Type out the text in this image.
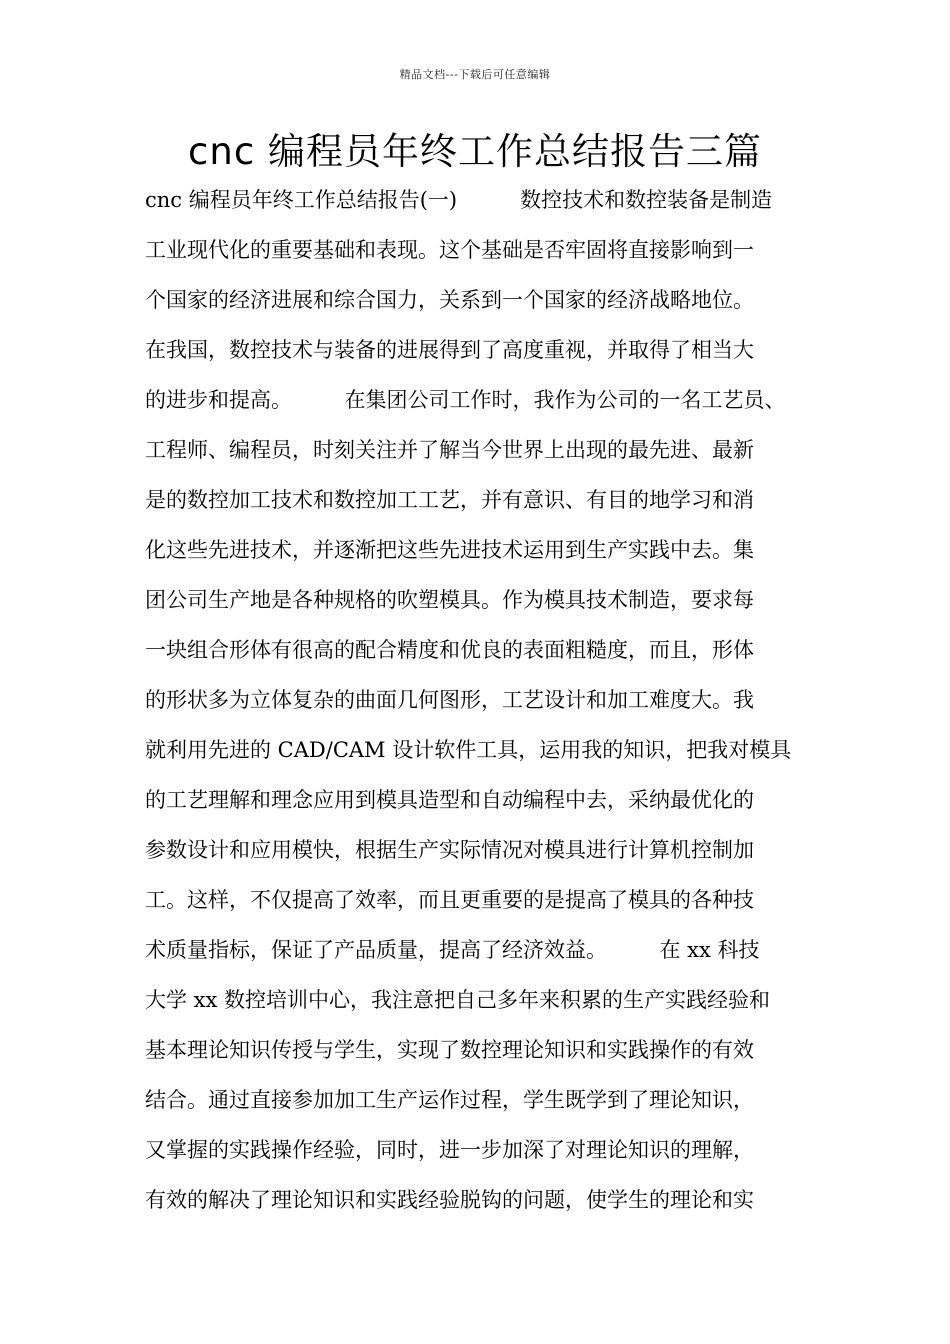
精品文档---下载后可任意编辑
cnc 编程员年终工作总结报告三篇
cnc 编程员年终工作总结报告(一)　　　数控技术和数控装备是制造
工业现代化的重要基础和表现。这个基础是否牢固将直接影响到一
个国家的经济进展和综合国力，关系到一个国家的经济战略地位。
在我国，数控技术与装备的进展得到了高度重视，并取得了相当大
的进步和提高。　　　在集团公司工作时，我作为公司的一名工艺员、
工程师、编程员，时刻关注并了解当今世界上出现的最先进、最新
是的数控加工技术和数控加工工艺，并有意识、有目的地学习和消
化这些先进技术，并逐渐把这些先进技术运用到生产实践中去。集
团公司生产地是各种规格的吹塑模具。作为模具技术制造，要求每
一块组合形体有很高的配合精度和优良的表面粗糙度，而且，形体
的形状多为立体复杂的曲面几何图形，工艺设计和加工难度大。我
就利用先进的 CAD/CAM 设计软件工具，运用我的知识，把我对模具
的工艺理解和理念应用到模具造型和自动编程中去，采纳最优化的
参数设计和应用模快，根据生产实际情况对模具进行计算机控制加
工。这样，不仅提高了效率，而且更重要的是提高了模具的各种技
术质量指标，保证了产品质量，提高了经济效益。　　　在 xx 科技
大学 xx 数控培训中心，我注意把自己多年来积累的生产实践经验和
基本理论知识传授与学生，实现了数控理论知识和实践操作的有效
结合。通过直接参加加工生产运作过程，学生既学到了理论知识，
又掌握的实践操作经验，同时，进一步加深了对理论知识的理解，
有效的解决了理论知识和实践经验脱钩的问题，使学生的理论和实
